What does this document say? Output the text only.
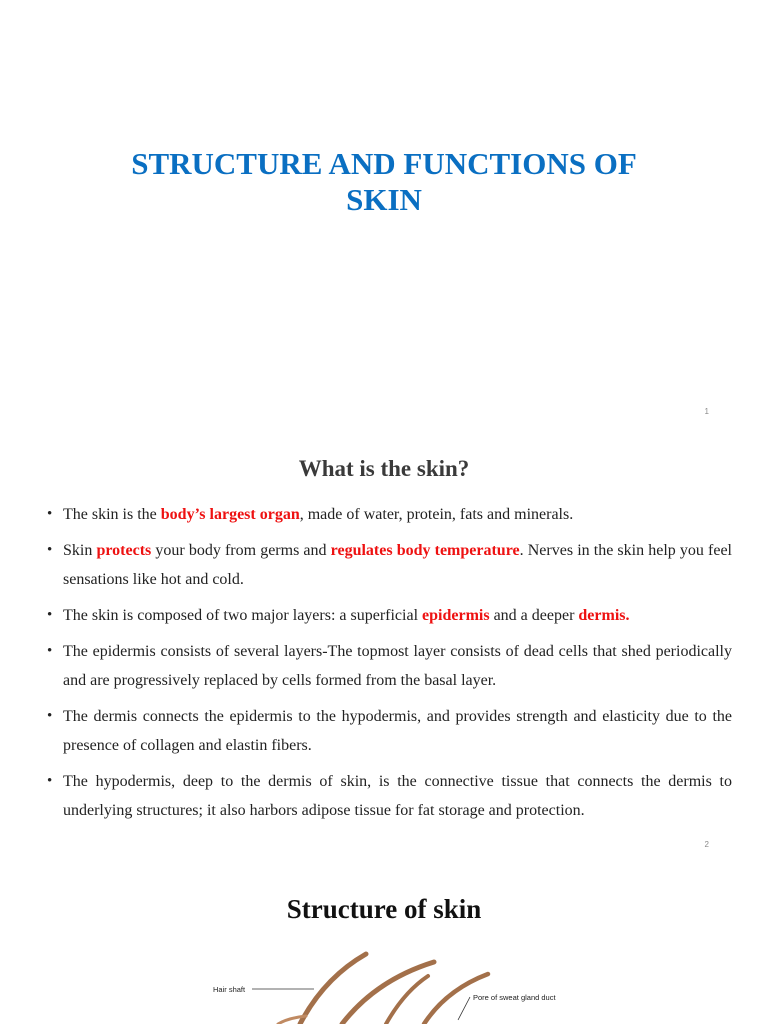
STRUCTURE AND FUNCTIONS OF
SKIN
1
What is the skin?
• The skin is the body’s largest organ, made of water, protein, fats and minerals.
• Skin protects your body from germs and regulates body temperature. Nerves in the skin help you feel sensations like hot and cold.
• The skin is composed of two major layers: a superficial epidermis and a deeper dermis.
• The epidermis consists of several layers-The topmost layer consists of dead cells that shed periodically and are progressively replaced by cells formed from the basal layer.
• The dermis connects the epidermis to the hypodermis, and provides strength and elasticity due to the presence of collagen and elastin fibers.
• The hypodermis, deep to the dermis of skin, is the connective tissue that connects the dermis to underlying structures; it also harbors adipose tissue for fat storage and protection.
2
Structure of skin
Hair shaft
Pore of sweat gland duct
